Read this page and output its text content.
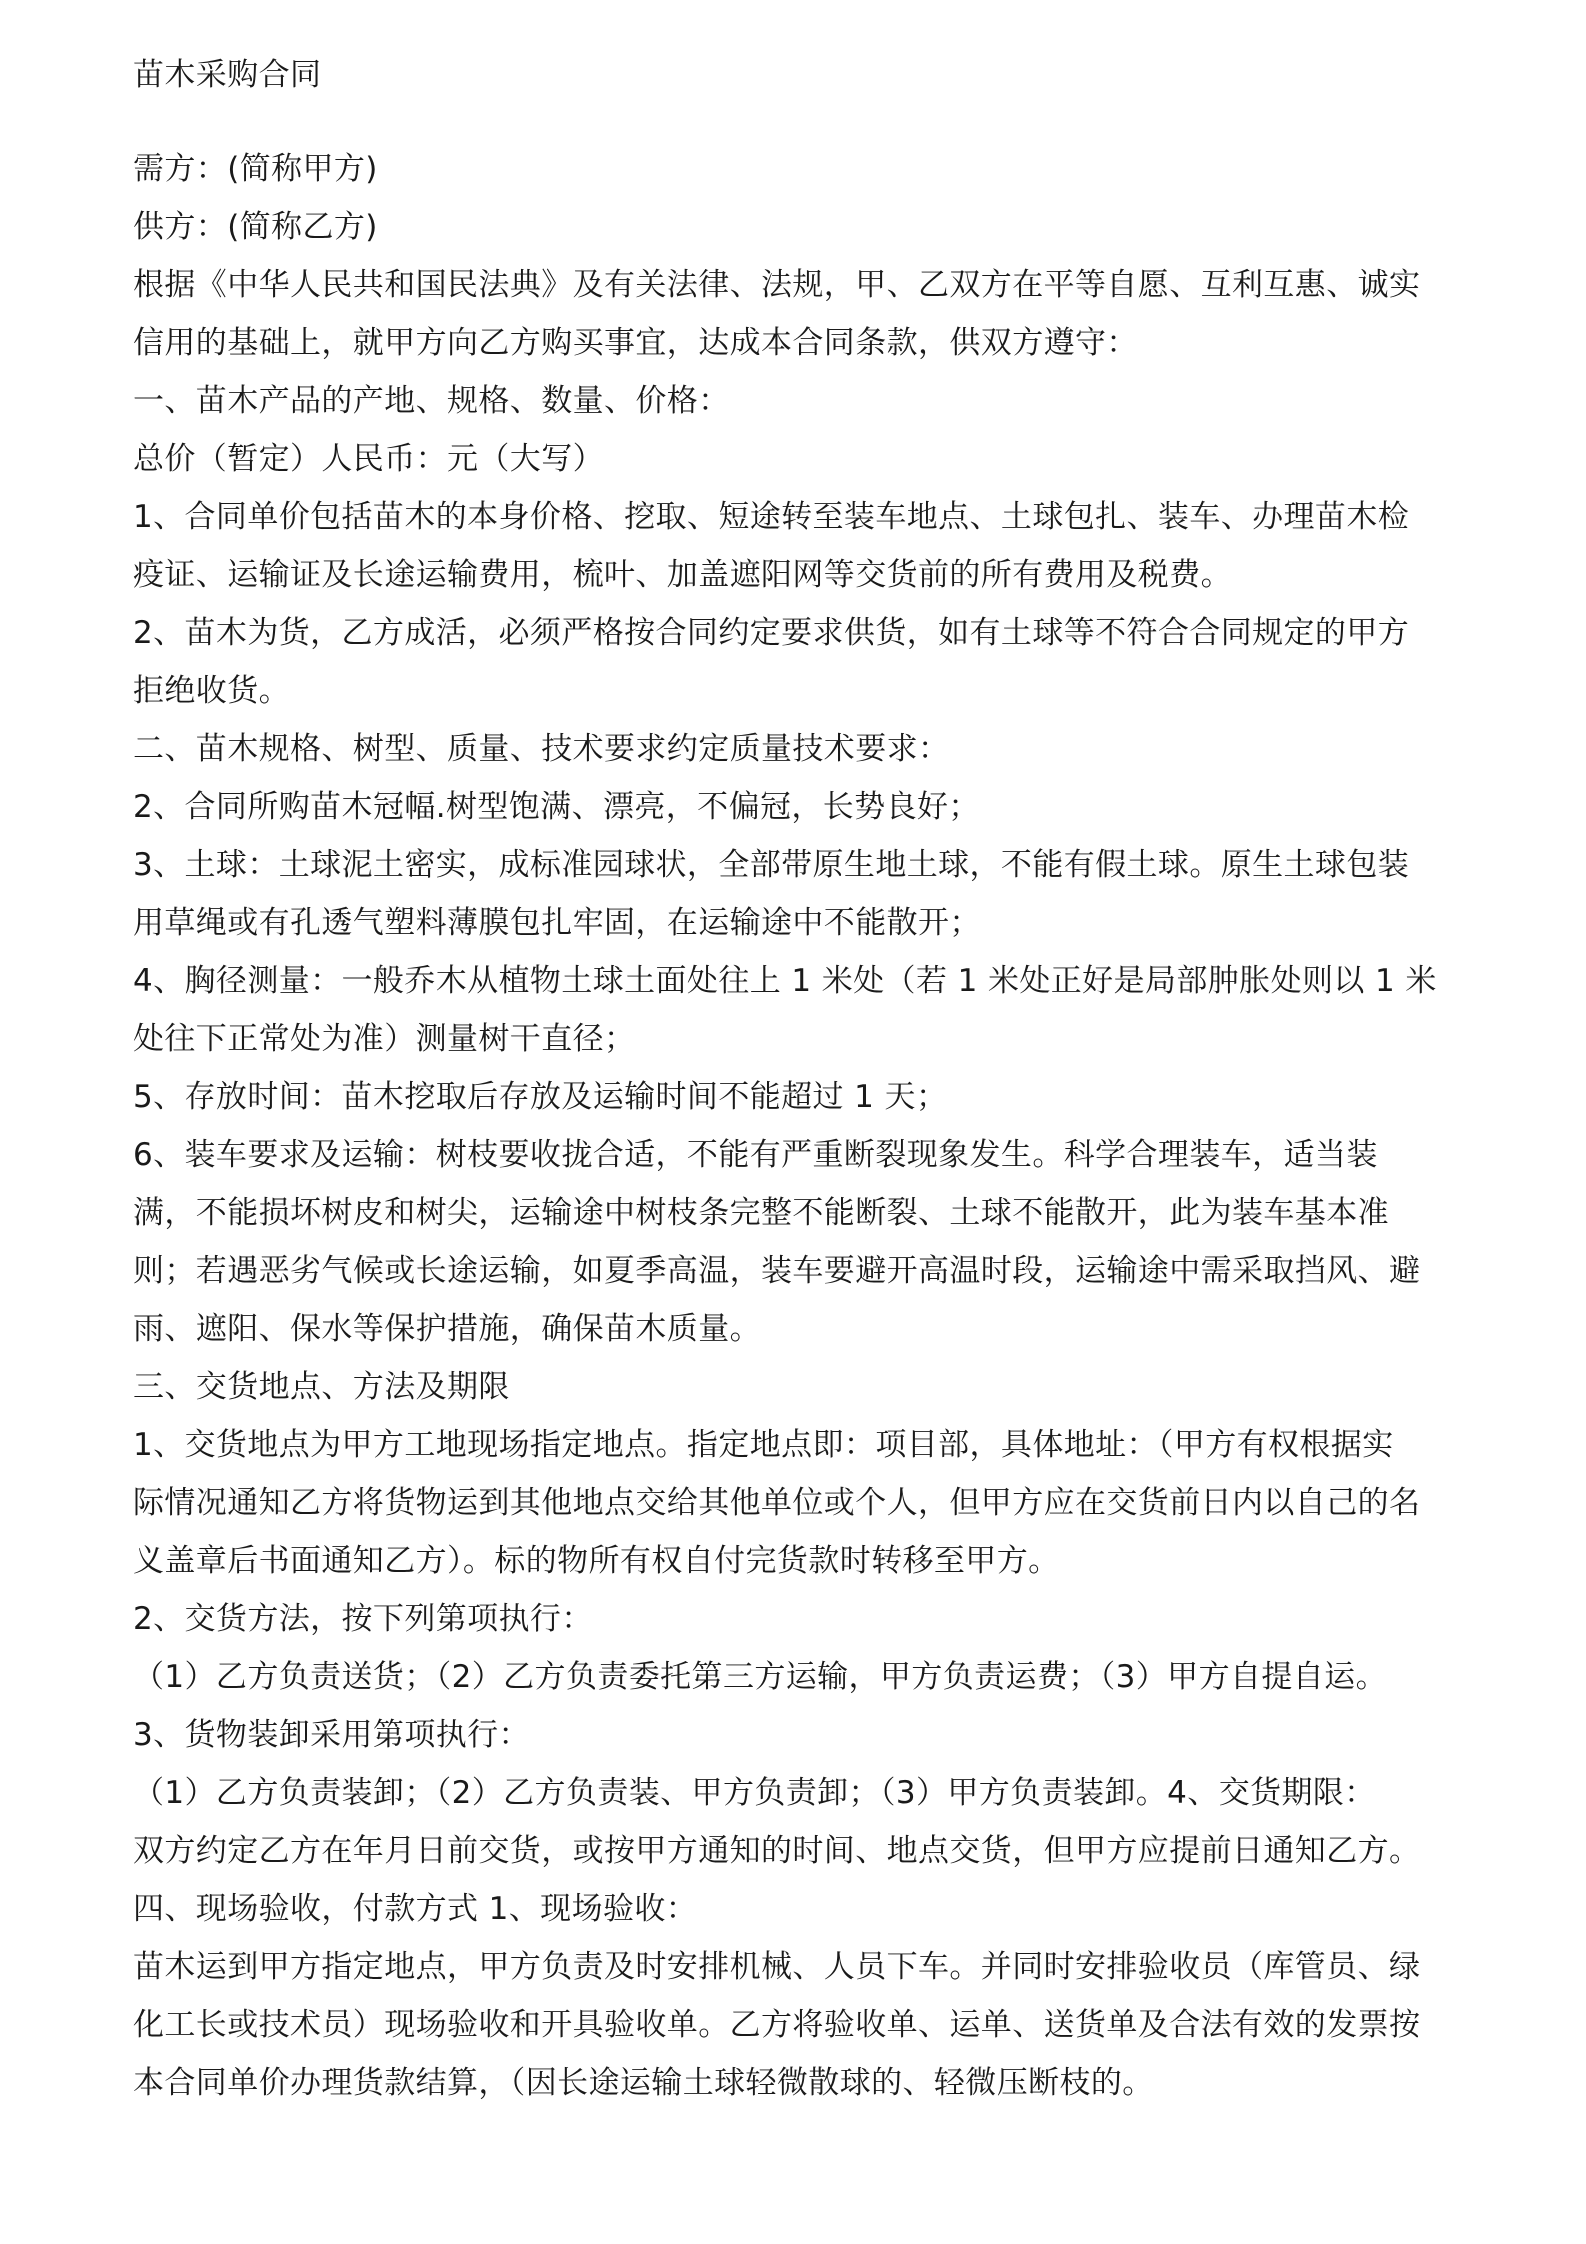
苗木采购合同
需方：(简称甲方)
供方：(简称乙方)
根据《中华人民共和国民法典》及有关法律、法规，甲、乙双方在平等自愿、互利互惠、诚实
信用的基础上，就甲方向乙方购买事宜，达成本合同条款，供双方遵守：
一、苗木产品的产地、规格、数量、价格：
总价（暂定）人民币：元（大写）
1、合同单价包括苗木的本身价格、挖取、短途转至装车地点、土球包扎、装车、办理苗木检
疫证、运输证及长途运输费用，梳叶、加盖遮阳网等交货前的所有费用及税费。
2、苗木为货，乙方成活，必须严格按合同约定要求供货，如有土球等不符合合同规定的甲方
拒绝收货。
二、苗木规格、树型、质量、技术要求约定质量技术要求：
2、合同所购苗木冠幅.树型饱满、漂亮，不偏冠，长势良好；
3、土球：土球泥土密实，成标准园球状，全部带原生地土球，不能有假土球。原生土球包装
用草绳或有孔透气塑料薄膜包扎牢固，在运输途中不能散开；
4、胸径测量：一般乔木从植物土球土面处往上 1 米处（若 1 米处正好是局部肿胀处则以 1 米
处往下正常处为准）测量树干直径；
5、存放时间：苗木挖取后存放及运输时间不能超过 1 天；
6、装车要求及运输：树枝要收拢合适，不能有严重断裂现象发生。科学合理装车，适当装
满，不能损坏树皮和树尖，运输途中树枝条完整不能断裂、土球不能散开，此为装车基本准
则；若遇恶劣气候或长途运输，如夏季高温，装车要避开高温时段，运输途中需采取挡风、避
雨、遮阳、保水等保护措施，确保苗木质量。
三、交货地点、方法及期限
1、交货地点为甲方工地现场指定地点。指定地点即：项目部，具体地址：（甲方有权根据实
际情况通知乙方将货物运到其他地点交给其他单位或个人，但甲方应在交货前日内以自己的名
义盖章后书面通知乙方）。标的物所有权自付完货款时转移至甲方。
2、交货方法，按下列第项执行：
（1）乙方负责送货；（2）乙方负责委托第三方运输，甲方负责运费；（3）甲方自提自运。
3、货物装卸采用第项执行：
（1）乙方负责装卸；（2）乙方负责装、甲方负责卸；（3）甲方负责装卸。4、交货期限：
双方约定乙方在年月日前交货，或按甲方通知的时间、地点交货，但甲方应提前日通知乙方。
四、现场验收，付款方式 1、现场验收：
苗木运到甲方指定地点，甲方负责及时安排机械、人员下车。并同时安排验收员（库管员、绿
化工长或技术员）现场验收和开具验收单。乙方将验收单、运单、送货单及合法有效的发票按
本合同单价办理货款结算，（因长途运输土球轻微散球的、轻微压断枝的。
